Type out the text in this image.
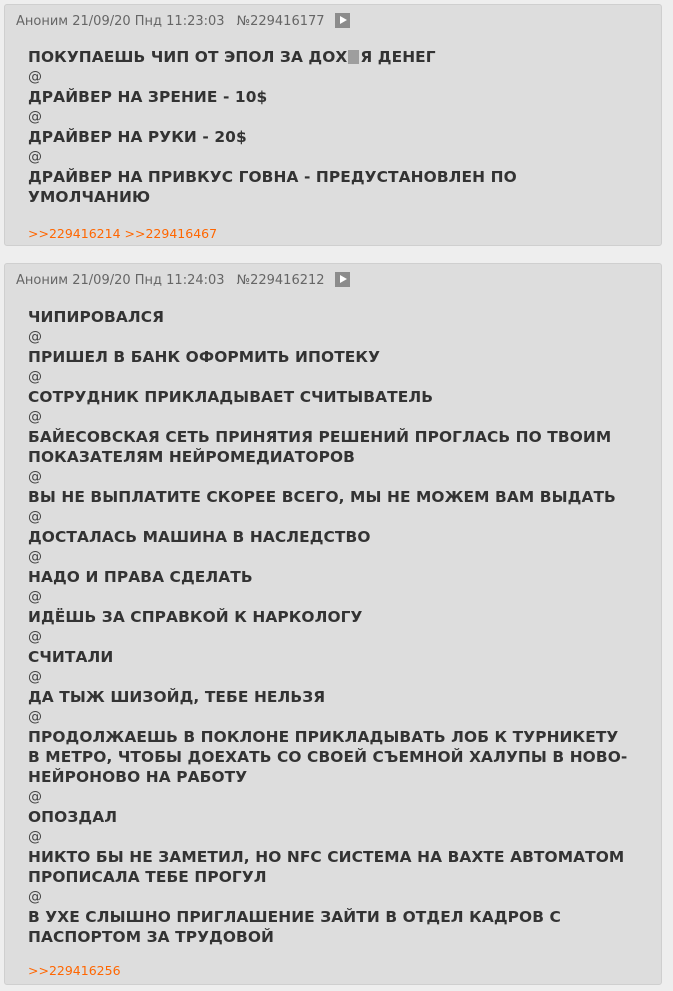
Аноним
21/09/20 Пнд 11:23:03 №229416177
ПОКУПАЕШЬ ЧИП ОТ ЭПОЛ ЗА ДОХ Я ДЕНЕГ
@
ДРАЙВЕР НА ЗРЕНИЕ - 10$
@
ДРАЙВЕР НА РУКИ - 20$
@
ДРАЙВЕР НА ПРИВКУС ГОВНА - ПРЕДУСТАНОВЛЕН ПО
УМОЛЧАНИЮ
>>229416214 >>229416467
Аноним
21/09/20 Пнд 11:24:03 №229416212
ЧИПИРОВАЛСЯ
@
ПРИШЕЛ В БАНК ОФОРМИТЬ ИПОТЕКУ
@
СОТРУДНИК ПРИКЛАДЫВАЕТ СЧИТЫВАТЕЛЬ
@
БАЙЕСОВСКАЯ СЕТЬ ПРИНЯТИЯ РЕШЕНИЙ ПРОГЛАСЬ ПО ТВОИМ
ПОКАЗАТЕЛЯМ НЕЙРОМЕДИАТОРОВ
@
ВЫ НЕ ВЫПЛАТИТЕ СКОРЕЕ ВСЕГО, МЫ НЕ МОЖЕМ ВАМ ВЫДАТЬ
@
ДОСТАЛАСЬ МАШИНА В НАСЛЕДСТВО
@
НАДО И ПРАВА СДЕЛАТЬ
@
ИДЁШЬ ЗА СПРАВКОЙ К НАРКОЛОГУ
@
СЧИТАЛИ
@
ДА ТЫЖ ШИЗОЙД, ТЕБЕ НЕЛЬЗЯ
@
ПРОДОЛЖАЕШЬ В ПОКЛОНЕ ПРИКЛАДЫВАТЬ ЛОБ К ТУРНИКЕТУ
В МЕТРО, ЧТОБЫ ДОЕХАТЬ СО СВОЕЙ СЪЕМНОЙ ХАЛУПЫ В НОВО-
НЕЙРОНОВО НА РАБОТУ
@
ОПОЗДАЛ
@
НИКТО БЫ НЕ ЗАМЕТИЛ, НО NFC СИСТЕМА НА ВАХТЕ АВТОМАТОМ
ПРОПИСАЛА ТЕБЕ ПРОГУЛ
@
В УХЕ СЛЫШНО ПРИГЛАШЕНИЕ ЗАЙТИ В ОТДЕЛ КАДРОВ С
ПАСПОРТОМ ЗА ТРУДОВОЙ
>>229416256
